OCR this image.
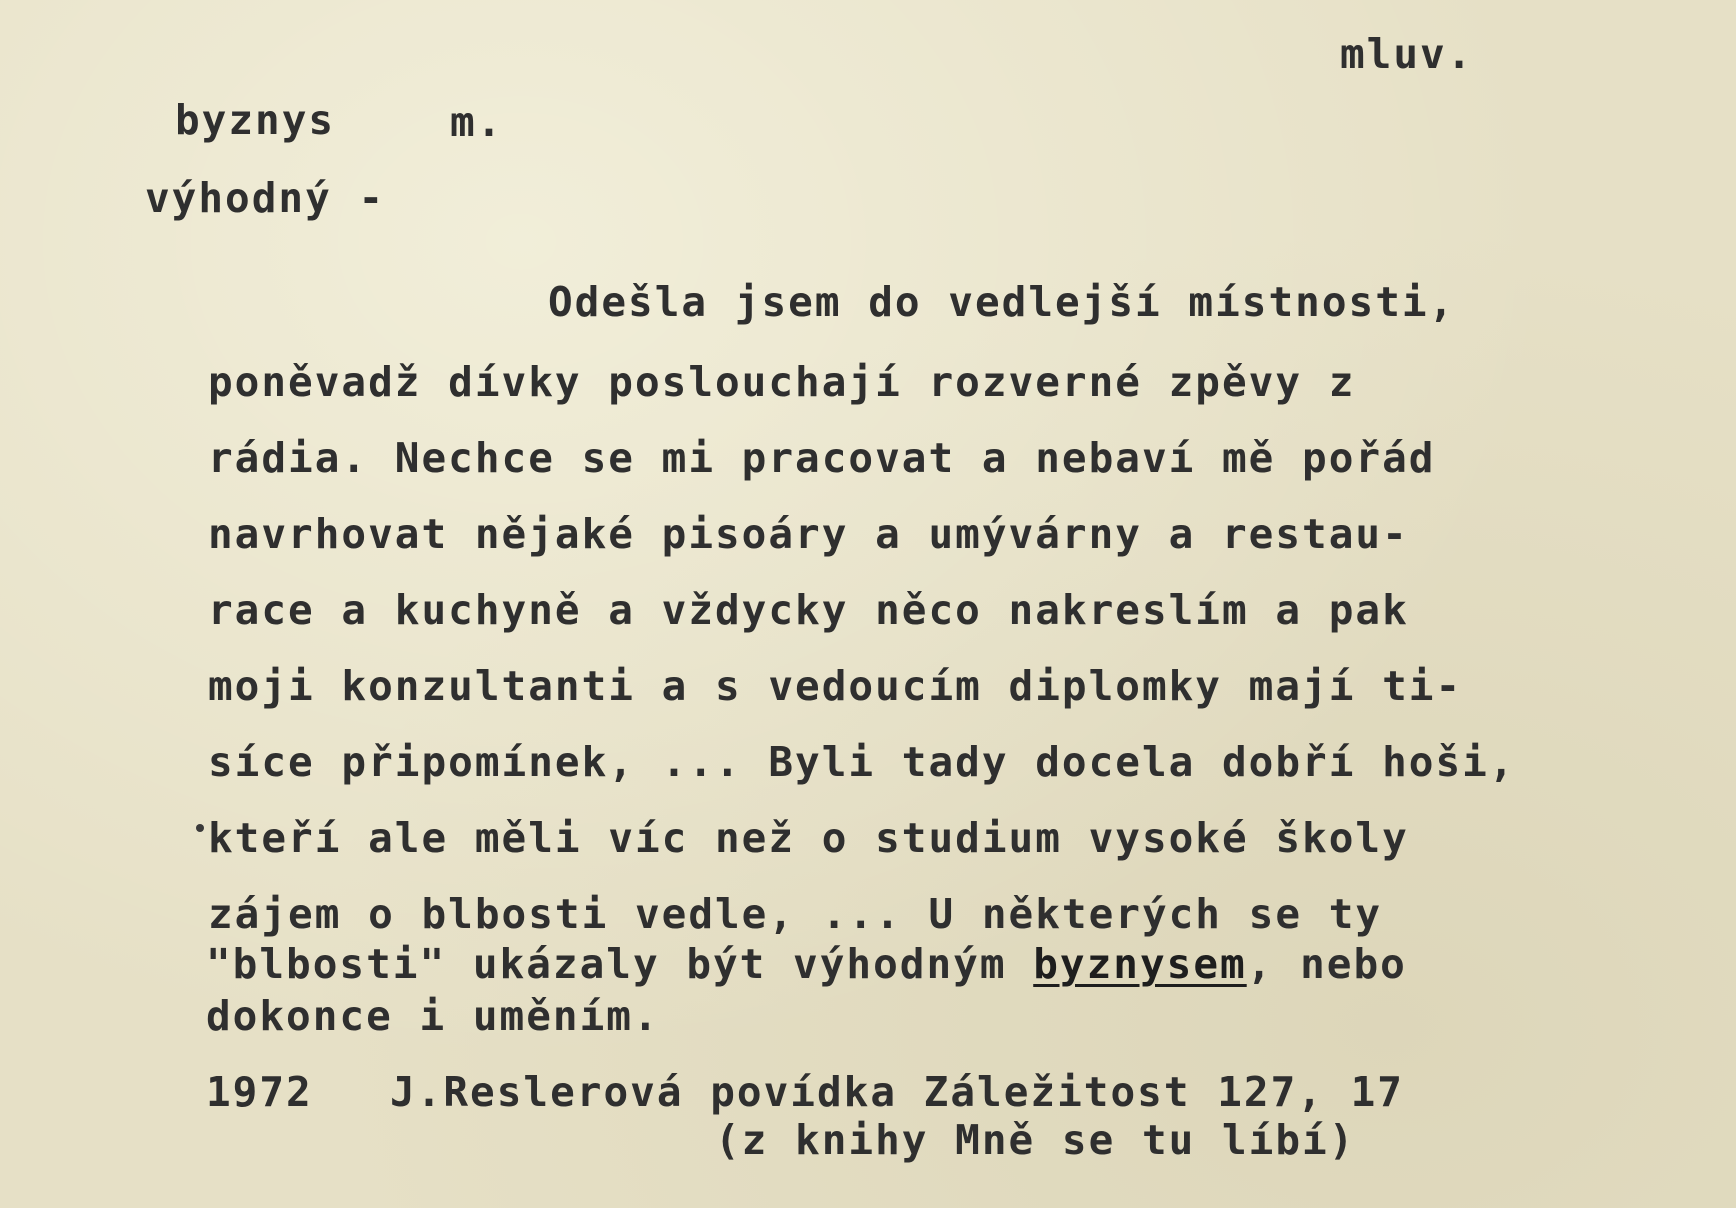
mluv.
byznys	m.
výhodný -
Odešla jsem do vedlejší místnosti,
poněvadž dívky poslouchají rozverné zpěvy z
rádia. Nechce se mi pracovat a nebaví mě pořád
navrhovat nějaké pisoáry a umývárny a restau-
race a kuchyně a vždycky něco nakreslím a pak
moji konzultanti a s vedoucím diplomky mají ti-
síce připomínek, ... Byli tady docela dobří hoši,
kteří ale měli víc než o studium vysoké školy
zájem o blbosti vedle, ... U některých se ty
"blbosti" ukázaly být výhodným byznysem, nebo
dokonce i uměním.
1972 J.Reslerová povídka Záležitost 127, 17
(z knihy Mně se tu líbí)
